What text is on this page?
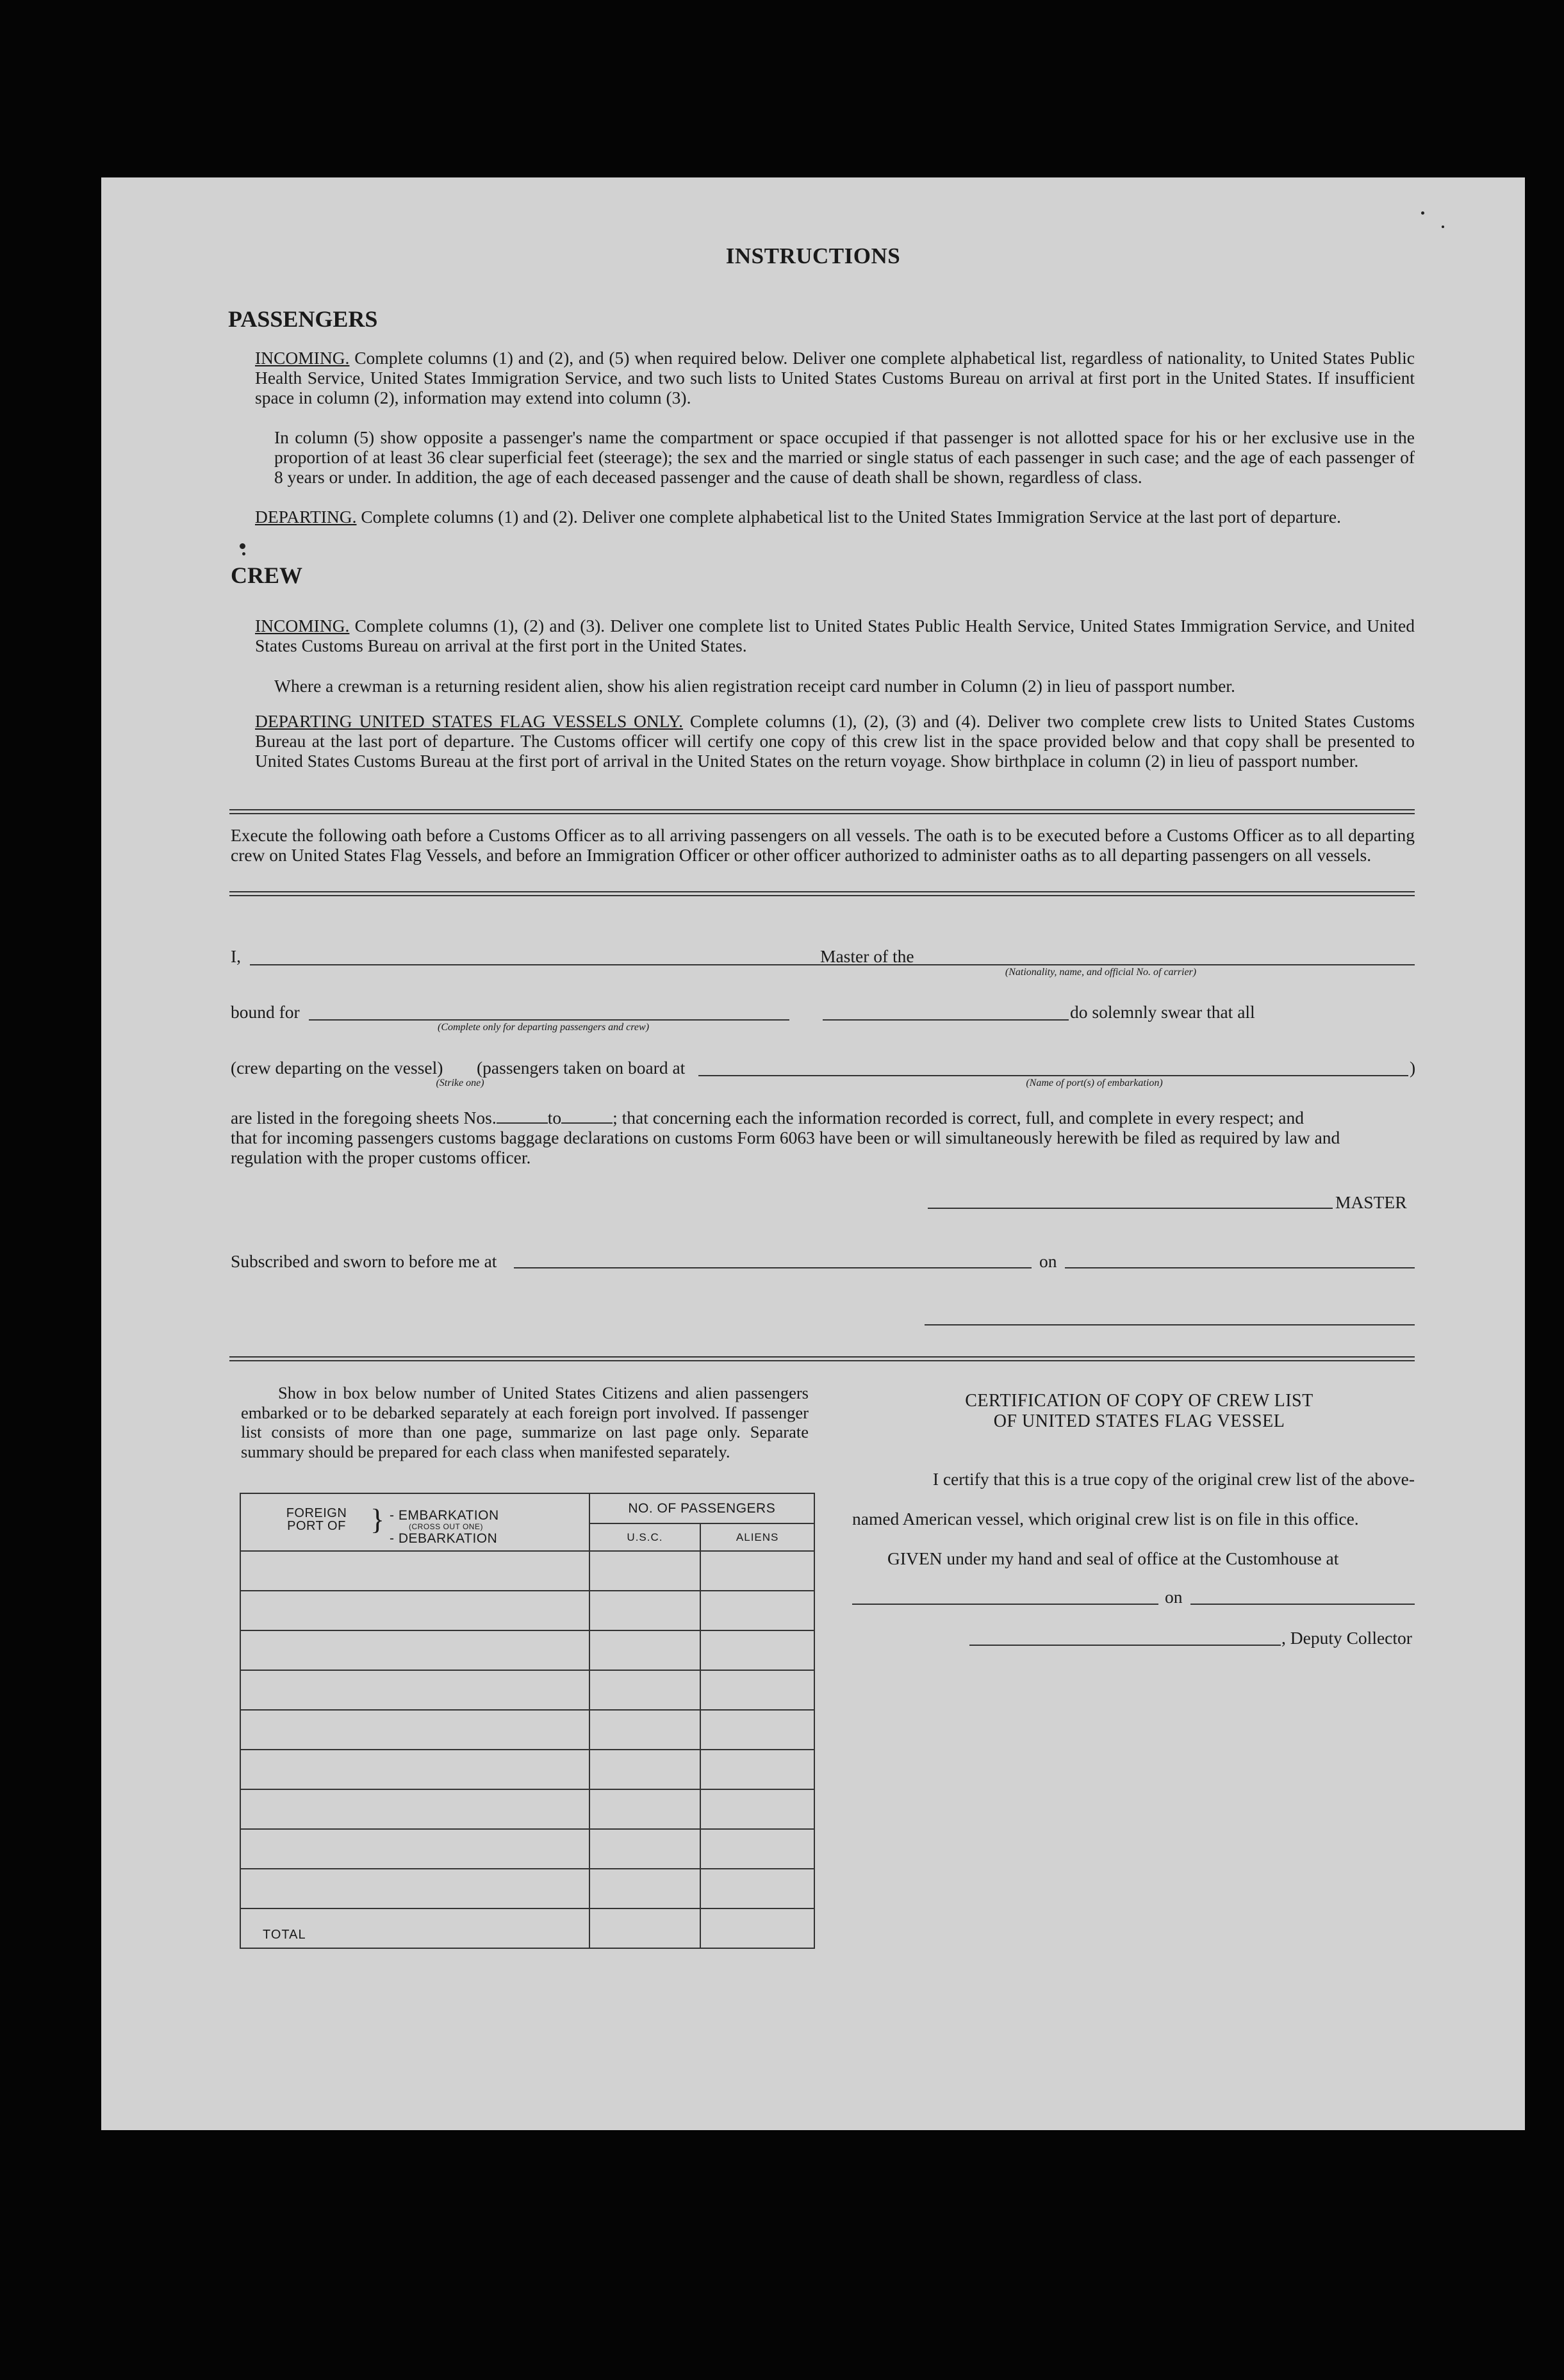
INSTRUCTIONS
PASSENGERS
INCOMING. Complete columns (1) and (2), and (5) when required below. Deliver one complete alphabetical list, regardless of nationality, to United States Public Health Service, United States Immigration Service, and two such lists to United States Customs Bureau on arrival at first port in the United States. If insufficient space in column (2), information may extend into column (3).
In column (5) show opposite a passenger's name the compartment or space occupied if that passenger is not allotted space for his or her exclusive use in the proportion of at least 36 clear superficial feet (steerage); the sex and the married or single status of each passenger in such case; and the age of each passenger of 8 years or under. In addition, the age of each deceased passenger and the cause of death shall be shown, regardless of class.
DEPARTING. Complete columns (1) and (2). Deliver one complete alphabetical list to the United States Immigration Service at the last port of departure.
CREW
INCOMING. Complete columns (1), (2) and (3). Deliver one complete list to United States Public Health Service, United States Immigration Service, and United States Customs Bureau on arrival at the first port in the United States.
Where a crewman is a returning resident alien, show his alien registration receipt card number in Column (2) in lieu of passport number.
DEPARTING UNITED STATES FLAG VESSELS ONLY. Complete columns (1), (2), (3) and (4). Deliver two complete crew lists to United States Customs Bureau at the last port of departure. The Customs officer will certify one copy of this crew list in the space provided below and that copy shall be presented to United States Customs Bureau at the first port of arrival in the United States on the return voyage. Show birthplace in column (2) in lieu of passport number.
Execute the following oath before a Customs Officer as to all arriving passengers on all vessels. The oath is to be executed before a Customs Officer as to all departing crew on United States Flag Vessels, and before an Immigration Officer or other officer authorized to administer oaths as to all departing passengers on all vessels.
I,	Master of the
(Nationality, name, and official No. of carrier)
bound for
(Complete only for departing passengers and crew)
do solemnly swear that all
(crew departing on the vessel) (passengers taken on board at	)
(Strike one)	(Name of port(s) of embarkation)
are listed in the foregoing sheets Nos.	to	; that concerning each the information recorded is correct, full, and complete in every respect; and
that for incoming passengers customs baggage declarations on customs Form 6063 have been or will simultaneously herewith be filed as required by law and
regulation with the proper customs officer.
MASTER
Subscribed and sworn to before me at	on
Show in box below number of United States Citizens and alien passengers embarked or to be debarked separately at each foreign port involved. If passenger list consists of more than one page, summarize on last page only. Separate summary should be prepared for each class when manifested separately.
FOREIGN PORT OF } - EMBARKATION
(CROSS OUT ONE)
- DEBARKATION	NO. OF PASSENGERS	
	U.S.C.	ALIENS

TOTAL		
CERTIFICATION OF COPY OF CREW LIST
OF UNITED STATES FLAG VESSEL
I certify that this is a true copy of the original crew list of the above-
named American vessel, which original crew list is on file in this office.
GIVEN under my hand and seal of office at the Customhouse at
on
, Deputy Collector
